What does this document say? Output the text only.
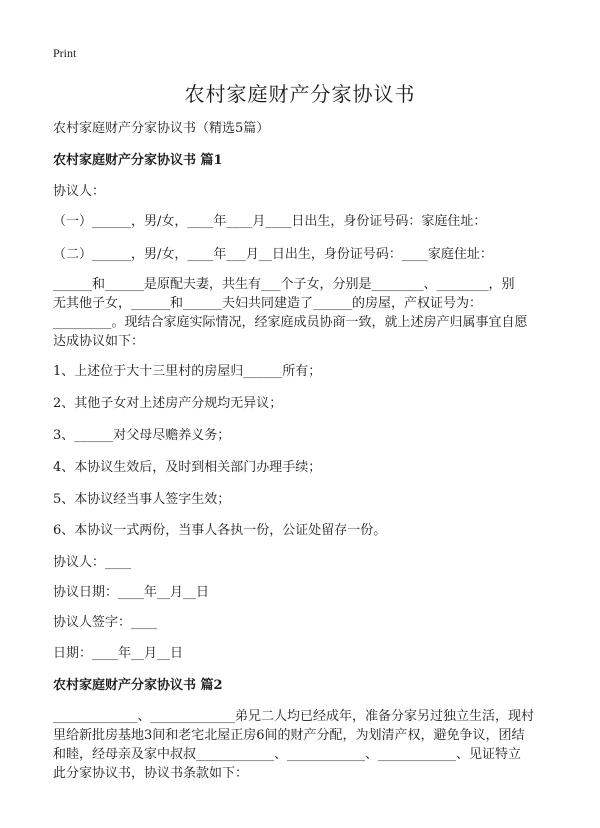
Print
农村家庭财产分家协议书
农村家庭财产分家协议书（精选5篇）
农村家庭财产分家协议书 篇1
协议人：
（一）______，男/女，____年____月____日出生，身份证号码：家庭住址：
（二）______，男/女，____年___月__日出生，身份证号码：____家庭住址：
______和______是原配夫妻，共生有___个子女，分别是________、________，别
无其他子女，______和______夫妇共同建造了______的房屋，产权证号为：
_________。现结合家庭实际情况，经家庭成员协商一致，就上述房产归属事宜自愿
达成协议如下：
1、上述位于大十三里村的房屋归______所有；
2、其他子女对上述房产分规均无异议；
3、______对父母尽赡养义务；
4、本协议生效后，及时到相关部门办理手续；
5、本协议经当事人签字生效；
6、本协议一式两份，当事人各执一份，公证处留存一份。
协议人：____
协议日期：____年__月__日
协议人签字：____
日期：____年__月__日
农村家庭财产分家协议书 篇2
_____________、_____________弟兄二人均已经成年，准备分家另过独立生活，现村
里给新批房基地3间和老宅北屋正房6间的财产分配，为划清产权，避免争议，团结
和睦，经母亲及家中叔叔____________、____________、____________、见证特立
此分家协议书，协议书条款如下：
